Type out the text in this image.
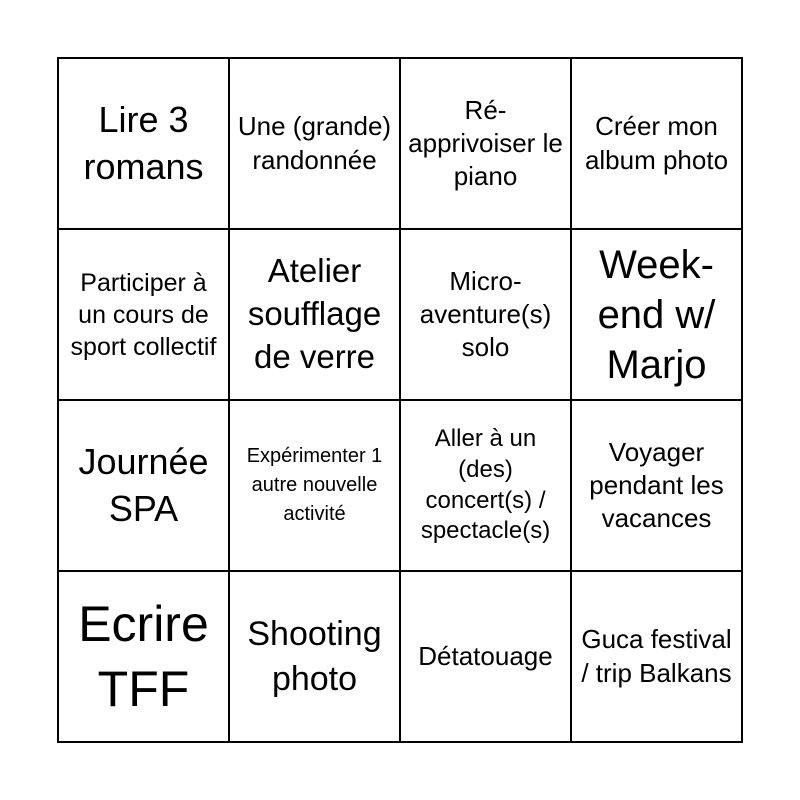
Lire 3 romans
Une (grande) randonnée
Ré-apprivoiser le piano
Créer mon album photo
Participer à un cours de sport collectif
Atelier soufflage de verre
Micro-aventure(s) solo
Week-end w/ Marjo
Journée SPA
Expérimenter 1 autre nouvelle activité
Aller à un (des) concert(s) / spectacle(s)
Voyager pendant les vacances
Ecrire TFF
Shooting photo
Détatouage
Guca festival / trip Balkans
